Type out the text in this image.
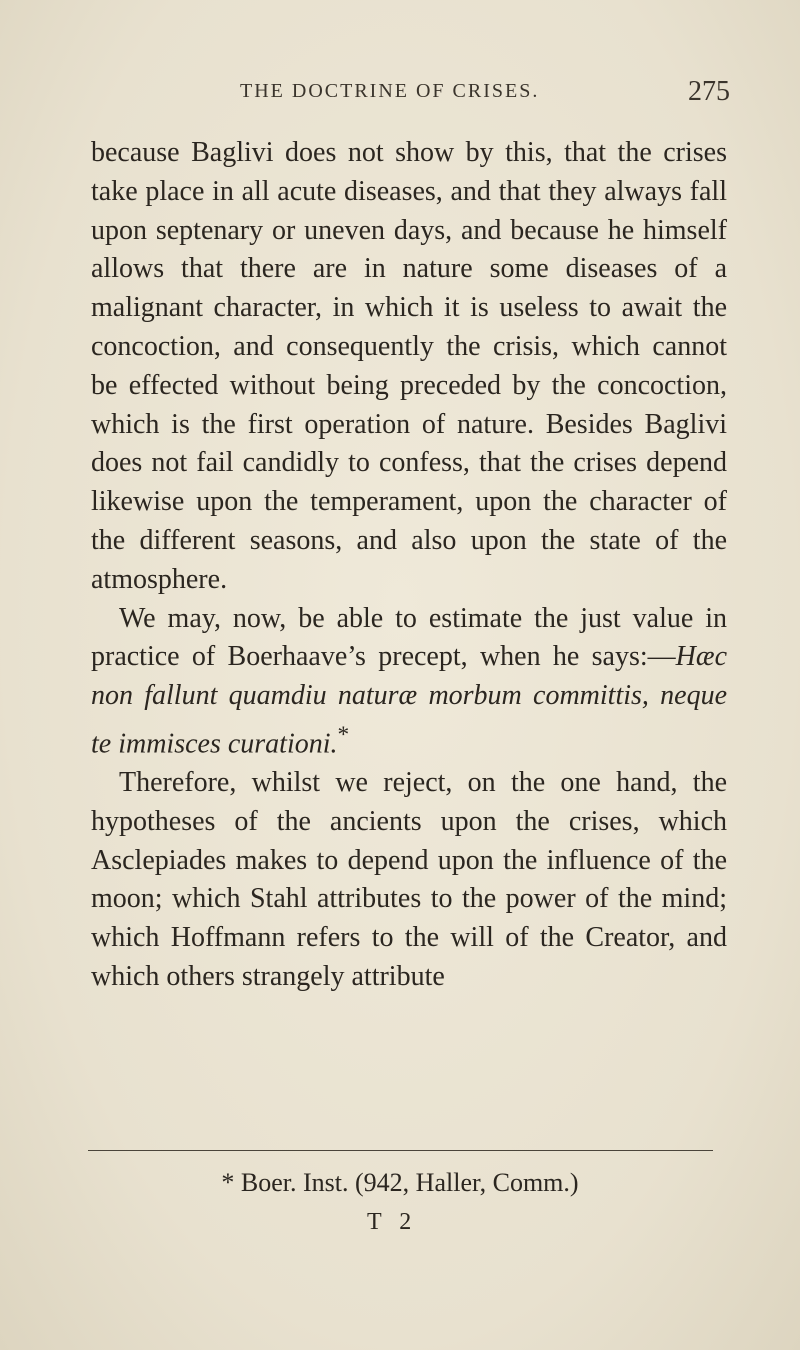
THE DOCTRINE OF CRISES.	275

because Baglivi does not show by this, that the crises take place in all acute diseases, and that they always fall upon septenary or uneven days, and because he himself allows that there are in nature some diseases of a malignant character, in which it is useless to await the concoction, and consequently the crisis, which cannot be effected without being preceded by the concoction, which is the first operation of nature. Besides Baglivi does not fail candidly to confess, that the crises depend likewise upon the temperament, upon the character of the different seasons, and also upon the state of the atmosphere.

We may, now, be able to estimate the just value in practice of Boerhaave’s precept, when he says:—Hæc non fallunt quamdiu naturæ morbum committis, neque te immisces curationi.*

Therefore, whilst we reject, on the one hand, the hypotheses of the ancients upon the crises, which Asclepiades makes to depend upon the influence of the moon; which Stahl attributes to the power of the mind; which Hoffmann refers to the will of the Creator, and which others strangely attribute

* Boer. Inst. (942, Haller, Comm.)
T 2
